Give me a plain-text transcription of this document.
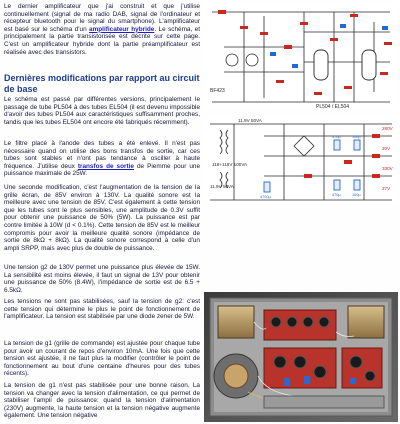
Le dernier amplificateur que j'ai construit et que j'utilise continuellement (signal de ma radio DAB, signal de l'ordinateur et récepteur bluetooth pour le signal du smartphone). L'amplificateur est basé sur le schéma d'un amplificateur hybride. Le schéma, et principalement la partie transistorisée est décrite sur cette page. C'est un amplificateur hybride dont la partie préamplificateur est réalisée avec des transistors.

Dernières modifications par rapport au circuit de base

Le schéma est passé par différentes versions, principalement le passage de tube PL504 à des tubes EL504 (il est devenu impossible d'avoir des tubes PL504 aux caractéristiques suffisamment proches, tandis que les tubes EL504 ont encore été fabriqués récemment).

Le filtre placé à l'anode des tubes a été enlevé. Il n'est pas nécessaire quand on utilise des bons transfos de sortie, car ces tubes sont stables et n'ont pas tendance à osciller à haute fréquence. J'utilise deux transfos de sortie de Piemme pour une puissance maximale de 25W.

Une seconde modification, c'est l'augmentation de la tension de la grille écran, de 85V environ à 130V. La qualité sonore est la meilleure avec une tension de 85V. C'est également à cette tension que les tubes sont le plus sensibles, une amplitude de 0.3V suffit pour obtenir une puissance de 50% (5W). La puissance est par contre limitée à 10W (d < 0.1%). Cette tension de 85V est le meilleur compromis pour avoir la meilleure qualité sonore (impédance de sortie de 8kΩ + 8kΩ). La qualité sonore correspond à celle d'un ampli SRPP, mais avec plus de double de puissance.

Une tension g2 de 130V permet une puissance plus élevée de 15W. La sensibilité est moins élevée, il faut un signal de 13V pour obtenir une puissance de 50% (8.4W), l'impédance de sortie est de 6.5 + 6.5kΩ.

Les tensions ne sont pas stabilisées, sauf la tension de g2: c'est cette tension qui détermine le plus le point de fonctionnement de l'amplificateur. La tension est stabilisée par une diode zener de 5W.

La tension de g1 (grille de commande) est ajustée pour chaque tube pour avoir un courant de repos d'environ 10mA. Une fois que cette tension est ajustée, il ne faut plus la modifier (contrôler le point de fonctionnement au bout d'une centaine d'heures pour des tubes récents).

La tension de g1 n'est pas stabilisée pour une bonne raison. La tension va changer avec la tension d'alimentation, ce qui permet de stabiliser l'ampli de puissance: quand la tension d'alimentation (230V) augmente, la haute tension et la tension négative augmente également. Une tension négative

BF423
PL504 / EL504
11.9V 50VA
118+118V 100VA
11.9V 50VA
260V
20V
330V
27V
470µ	100µ
470µ	100µ
4700µ
